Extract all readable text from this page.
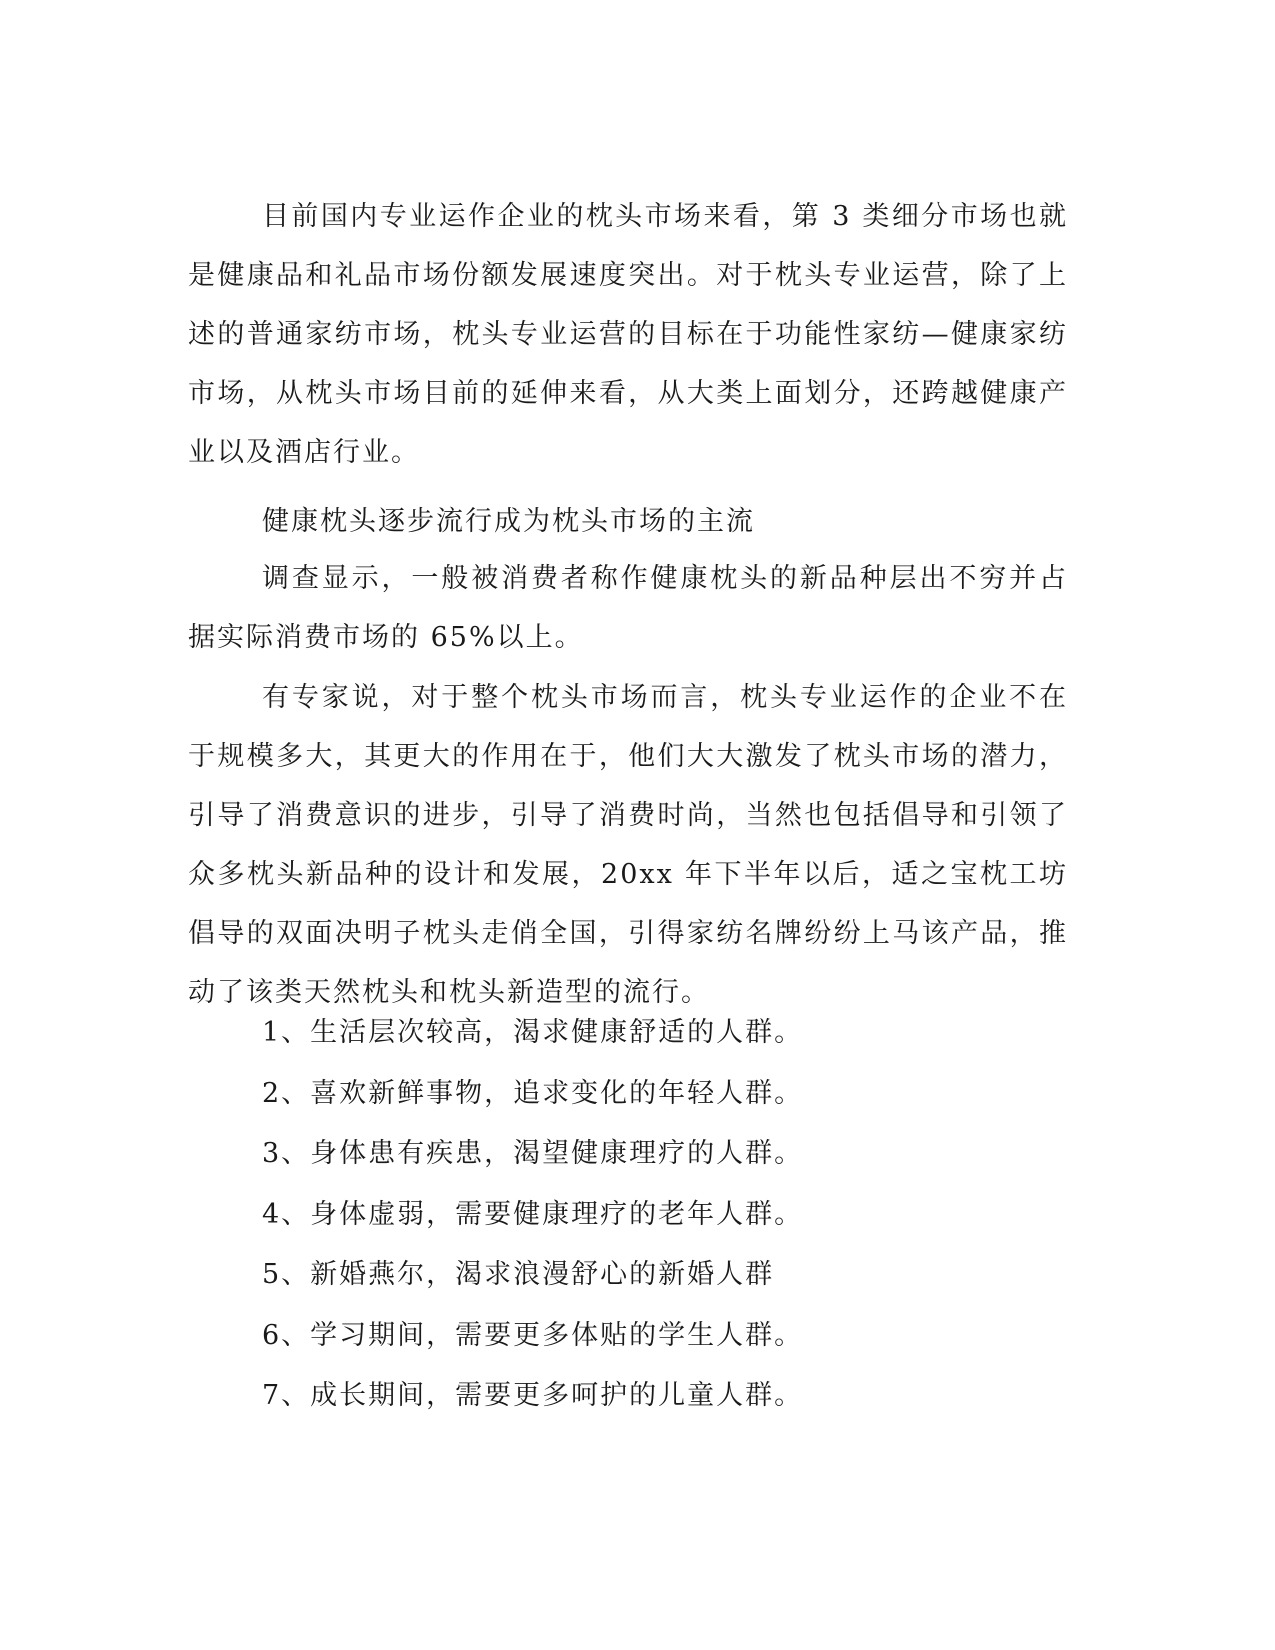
目前国内专业运作企业的枕头市场来看，第 3 类细分市场也就是健康品和礼品市场份额发展速度突出。对于枕头专业运营，除了上述的普通家纺市场，枕头专业运营的目标在于功能性家纺—健康家纺市场，从枕头市场目前的延伸来看，从大类上面划分，还跨越健康产业以及酒店行业。

健康枕头逐步流行成为枕头市场的主流

调查显示，一般被消费者称作健康枕头的新品种层出不穷并占据实际消费市场的 65%以上。

有专家说，对于整个枕头市场而言，枕头专业运作的企业不在于规模多大，其更大的作用在于，他们大大激发了枕头市场的潜力，引导了消费意识的进步，引导了消费时尚，当然也包括倡导和引领了众多枕头新品种的设计和发展，20xx 年下半年以后，适之宝枕工坊倡导的双面决明子枕头走俏全国，引得家纺名牌纷纷上马该产品，推动了该类天然枕头和枕头新造型的流行。

1、生活层次较高，渴求健康舒适的人群。
2、喜欢新鲜事物，追求变化的年轻人群。
3、身体患有疾患，渴望健康理疗的人群。
4、身体虚弱，需要健康理疗的老年人群。
5、新婚燕尔，渴求浪漫舒心的新婚人群
6、学习期间，需要更多体贴的学生人群。
7、成长期间，需要更多呵护的儿童人群。
